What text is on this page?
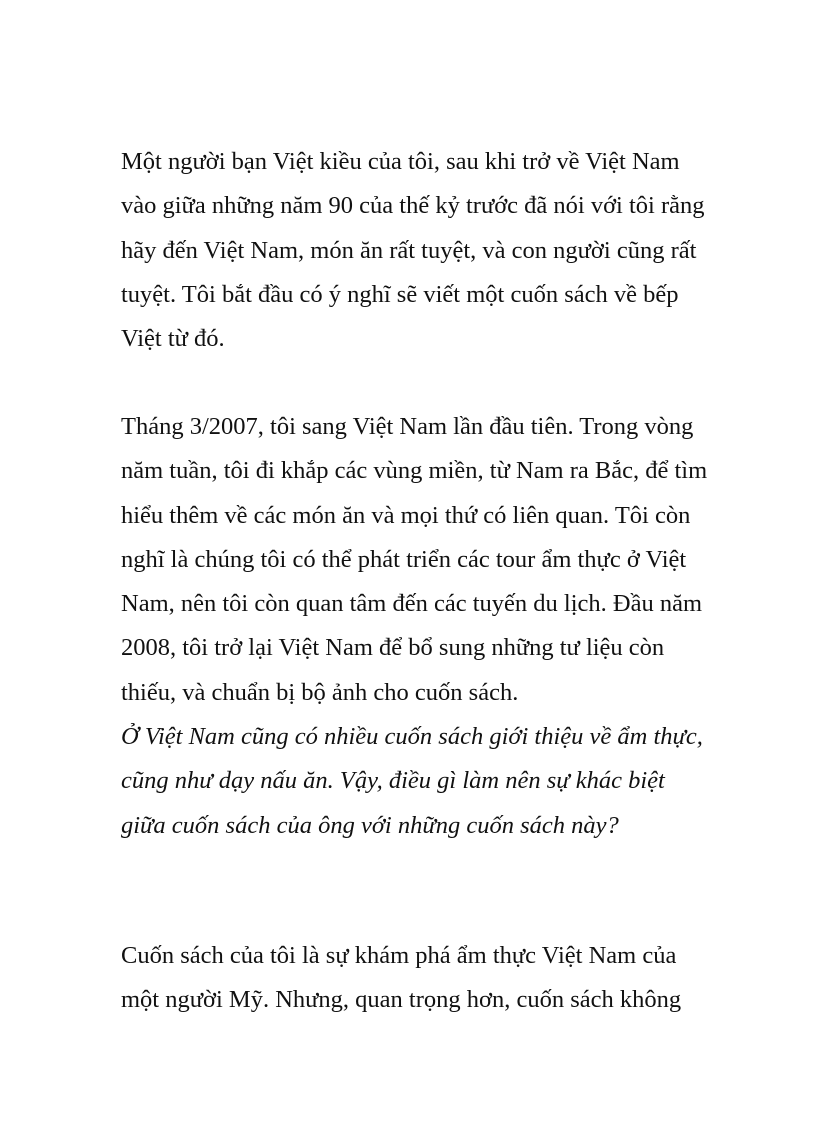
Một người bạn Việt kiều của tôi, sau khi trở về Việt Nam
vào giữa những năm 90 của thế kỷ trước đã nói với tôi rằng
hãy đến Việt Nam, món ăn rất tuyệt, và con người cũng rất
tuyệt. Tôi bắt đầu có ý nghĩ sẽ viết một cuốn sách về bếp
Việt từ đó.
Tháng 3/2007, tôi sang Việt Nam lần đầu tiên. Trong vòng
năm tuần, tôi đi khắp các vùng miền, từ Nam ra Bắc, để tìm
hiểu thêm về các món ăn và mọi thứ có liên quan. Tôi còn
nghĩ là chúng tôi có thể phát triển các tour ẩm thực ở Việt
Nam, nên tôi còn quan tâm đến các tuyến du lịch. Đầu năm
2008, tôi trở lại Việt Nam để bổ sung những tư liệu còn
thiếu, và chuẩn bị bộ ảnh cho cuốn sách.
Ở Việt Nam cũng có nhiều cuốn sách giới thiệu về ẩm thực,
cũng như dạy nấu ăn. Vậy, điều gì làm nên sự khác biệt
giữa cuốn sách của ông với những cuốn sách này?
Cuốn sách của tôi là sự khám phá ẩm thực Việt Nam của
một người Mỹ. Nhưng, quan trọng hơn, cuốn sách không
